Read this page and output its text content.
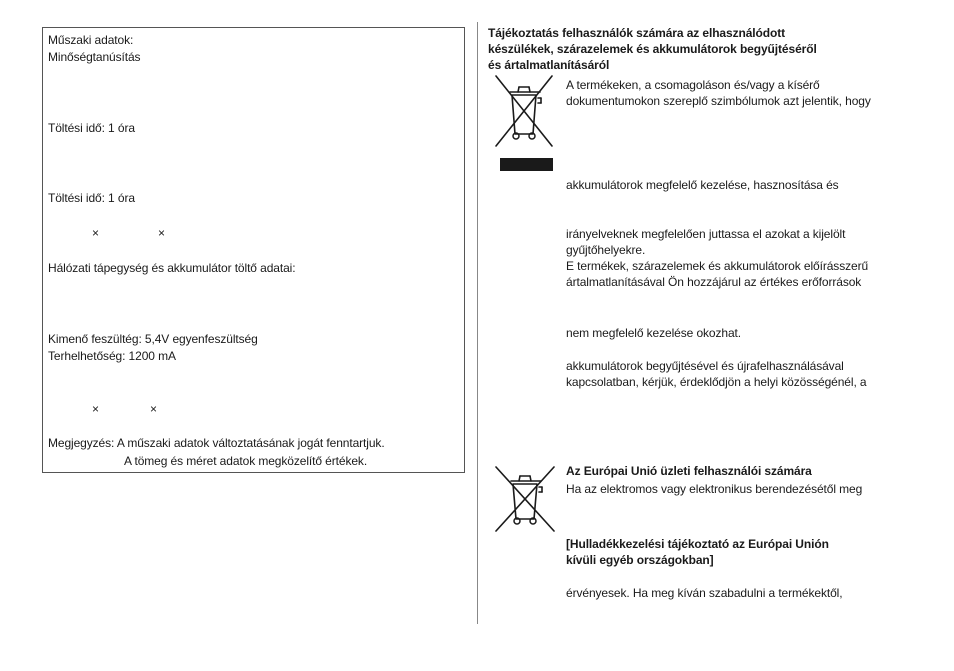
Műszaki adatok:
Minőségtanúsítás
Töltési idő: 1 óra
Töltési idő: 1 óra
×	×
Hálózati tápegység és akkumulátor töltő adatai:
Kimenő feszültég: 5,4V egyenfeszültség
Terhelhetőség: 1200 mA
×	×
Megjegyzés: A műszaki adatok változtatásának jogát fenntartjuk.
A tömeg és méret adatok megközelítő értékek.
Tájékoztatás felhasználók számára az elhasználódott
készülékek, szárazelemek és akkumulátorok begyűjtéséről
és ártalmatlanításáról
A termékeken, a csomagoláson és/vagy a kísérő
dokumentumokon szereplő szimbólumok azt jelentik, hogy
akkumulátorok megfelelő kezelése, hasznosítása és
irányelveknek megfelelően juttassa el azokat a kijelölt
gyűjtőhelyekre.
E termékek, szárazelemek és akkumulátorok előírásszerű
ártalmatlanításával Ön hozzájárul az értékes erőforrások
nem megfelelő kezelése okozhat.
akkumulátorok begyűjtésével és újrafelhasználásával
kapcsolatban, kérjük, érdeklődjön a helyi közösségénél, a
Az Európai Unió üzleti felhasználói számára
Ha az elektromos vagy elektronikus berendezésétől meg
[Hulladékkezelési tájékoztató az Európai Unión
kívüli egyéb országokban]
érvényesek. Ha meg kíván szabadulni a termékektől,
